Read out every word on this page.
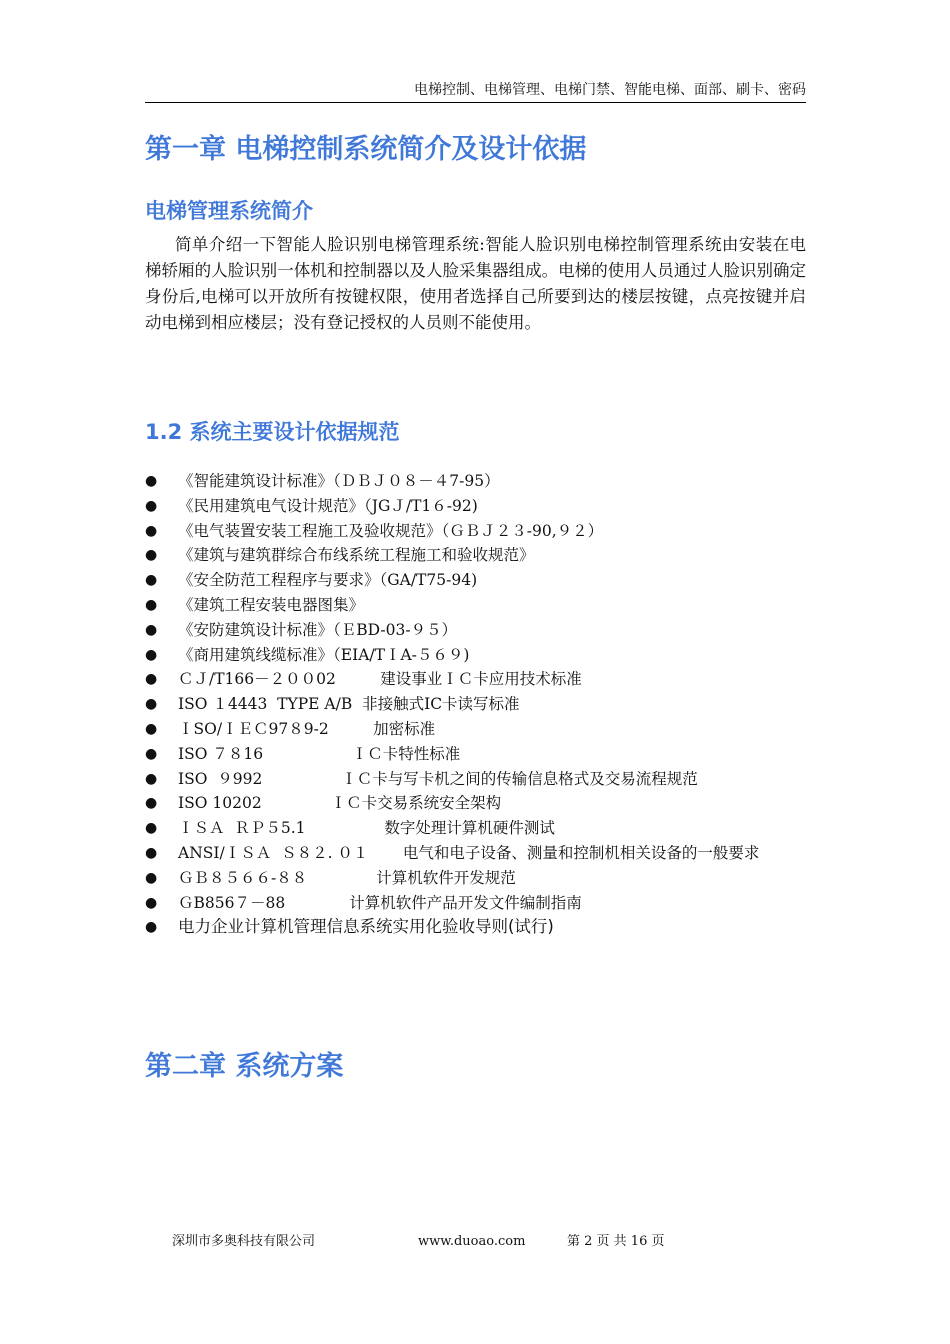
电梯控制、电梯管理、电梯门禁、智能电梯、面部、刷卡、密码
第一章 电梯控制系统简介及设计依据
电梯管理系统简介

简单介绍一下智能人脸识别电梯管理系统:智能人脸识别电梯控制管理系统由安装在电梯轿厢的人脸识别一体机和控制器以及人脸采集器组成。电梯的使用人员通过人脸识别确定身份后,电梯可以开放所有按键权限，使用者选择自己所要到达的楼层按键，点亮按键并启动电梯到相应楼层；没有登记授权的人员则不能使用。

1.2 系统主要设计依据规范
●	《智能建筑设计标准》（ＤＢＪ０８－４7-95）
●	《民用建筑电气设计规范》（JGＪ/T1６-92)
●	《电气装置安装工程施工及验收规范》（ＧＢＪ２３-90,９２）
●	《建筑与建筑群综合布线系统工程施工和验收规范》
●	《安全防范工程程序与要求》（GA/T75-94)
●	《建筑工程安装电器图集》
●	《安防建筑设计标准》（ＥBD-03-９５）
●	《商用建筑线缆标准》（EIA/TＩA-５６９)
●	ＣＪ/T166－２００02         建设事业ＩＣ卡应用技术标准
●	ISO １4443  TYPE A/B  非接触式IC卡读写标准
●	ＩSO/ＩＥＣ97８9-2         加密标准
●	ISO ７８16                  ＩＣ卡特性标准
●	ISO  ９992                ＩＣ卡与写卡机之间的传输信息格式及交易流程规范
●	ISO 10202              ＩＣ卡交易系统安全架构
●	ＩＳＡ  ＲＰ５5.1                数字处理计算机硬件测试
●	ANSI/ＩＳＡ  Ｓ８２. ０１       电气和电子设备、测量和控制机相关设备的一般要求
●	ＧＢ８５６６-８８              计算机软件开发规范
●	ＧB856７－88             计算机软件产品开发文件编制指南
●	电力企业计算机管理信息系统实用化验收导则(试行)
第二章 系统方案
深圳市多奥科技有限公司	www.duoao.com	第 2 页 共 16 页
